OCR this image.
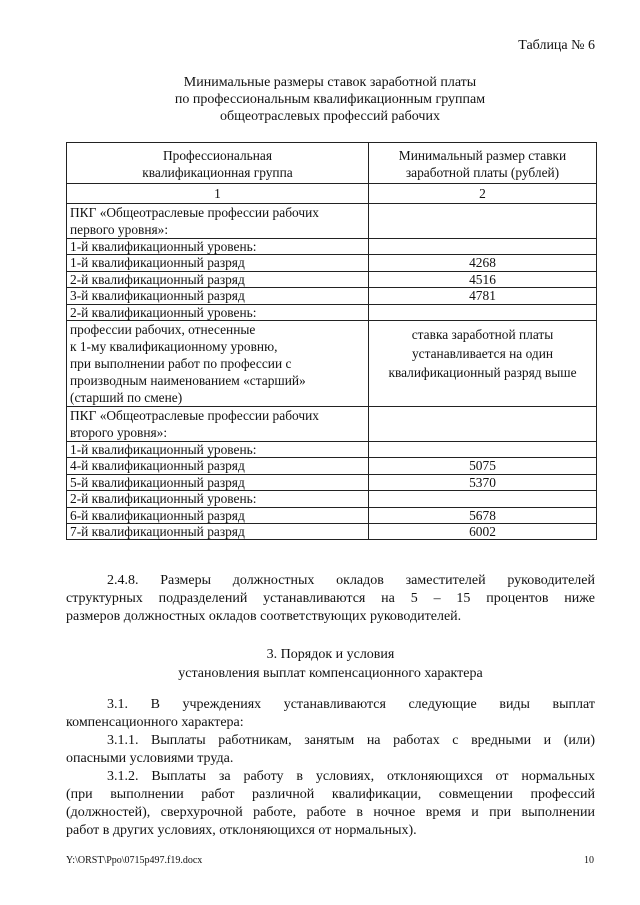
Таблица № 6
Минимальные размеры ставок заработной платы
по профессиональным квалификационным группам
общеотраслевых профессий рабочих
Профессиональная
квалификационная группа	Минимальный размер ставки
заработной платы (рублей)

1	2

ПКГ «Общеотраслевые профессии рабочих
первого уровня»:	

1-й квалификационный уровень:	
1-й квалификационный разряд	4268
2-й квалификационный разряд	4516
3-й квалификационный разряд	4781
2-й квалификационный уровень:	

профессии рабочих, отнесенные
к 1-му квалификационному уровню,
при выполнении работ по профессии с
производным наименованием «старший»
(старший по смене)	ставка заработной платы
устанавливается на один
квалификационный разряд выше

ПКГ «Общеотраслевые профессии рабочих
второго уровня»:	

1-й квалификационный уровень:	
4-й квалификационный разряд	5075
5-й квалификационный разряд	5370
2-й квалификационный уровень:	
6-й квалификационный разряд	5678
7-й квалификационный разряд	6002
2.4.8. Размеры должностных окладов заместителей руководителей
структурных подразделений устанавливаются на 5 – 15 процентов ниже
размеров должностных окладов соответствующих руководителей.
3. Порядок и условия
установления выплат компенсационного характера
3.1. В учреждениях устанавливаются следующие виды выплат
компенсационного характера:
3.1.1. Выплаты работникам, занятым на работах с вредными и (или)
опасными условиями труда.
3.1.2. Выплаты за работу в условиях, отклоняющихся от нормальных
(при выполнении работ различной квалификации, совмещении профессий
(должностей), сверхурочной работе, работе в ночное время и при выполнении
работ в других условиях, отклоняющихся от нормальных).
Y:\ORST\Ppo\0715p497.f19.docx	10
